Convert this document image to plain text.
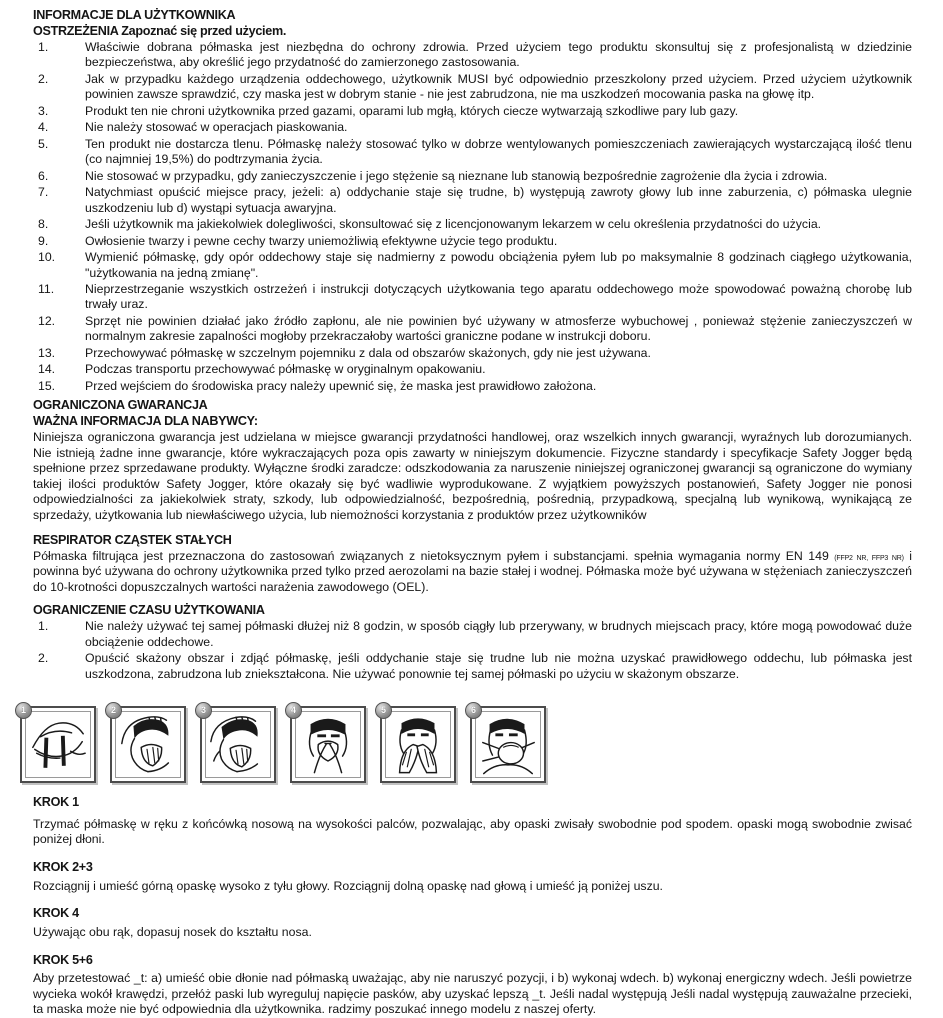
INFORMACJE DLA UŻYTKOWNIKA
OSTRZEŻENIA Zapoznać się przed użyciem.
1.	Właściwie dobrana półmaska jest niezbędna do ochrony zdrowia. Przed użyciem tego produktu skonsultuj się z profesjonalistą w dziedzinie bezpieczeństwa, aby określić jego przydatność do zamierzonego zastosowania.
2.	Jak w przypadku każdego urządzenia oddechowego, użytkownik MUSI być odpowiednio przeszkolony przed użyciem. Przed użyciem użytkownik powinien zawsze sprawdzić, czy maska jest w dobrym stanie - nie jest zabrudzona, nie ma uszkodzeń mocowania paska na głowę itp.
3.	Produkt ten nie chroni użytkownika przed gazami, oparami lub mgłą, których ciecze wytwarzają szkodliwe pary lub gazy.
4.	Nie należy stosować w operacjach piaskowania.
5.	Ten produkt nie dostarcza tlenu. Półmaskę należy stosować tylko w dobrze wentylowanych pomieszczeniach zawierających wystarczającą ilość tlenu (co najmniej 19,5%) do podtrzymania życia.
6.	Nie stosować w przypadku, gdy zanieczyszczenie i jego stężenie są nieznane lub stanowią bezpośrednie zagrożenie dla życia i zdrowia.
7.	Natychmiast opuścić miejsce pracy, jeżeli: a) oddychanie staje się trudne, b) występują zawroty głowy lub inne zaburzenia, c) półmaska ulegnie uszkodzeniu lub d) wystąpi sytuacja awaryjna.
8.	Jeśli użytkownik ma jakiekolwiek dolegliwości, skonsultować się z licencjonowanym lekarzem w celu określenia przydatności do użycia.
9.	Owłosienie twarzy i pewne cechy twarzy uniemożliwią efektywne użycie tego produktu.
10.	Wymienić półmaskę, gdy opór oddechowy staje się nadmierny z powodu obciążenia pyłem lub po maksymalnie 8 godzinach ciągłego użytkowania, "użytkowania na jedną zmianę".
11.	Nieprzestrzeganie wszystkich ostrzeżeń i instrukcji dotyczących użytkowania tego aparatu oddechowego może spowodować poważną chorobę lub trwały uraz.
12.	Sprzęt nie powinien działać jako źródło zapłonu, ale nie powinien być używany w atmosferze wybuchowej , ponieważ stężenie zanieczyszczeń w normalnym zakresie zapalności mogłoby przekraczałoby wartości graniczne podane w instrukcji doboru.
13.	Przechowywać półmaskę w szczelnym pojemniku z dala od obszarów skażonych, gdy nie jest używana.
14.	Podczas transportu przechowywać półmaskę w oryginalnym opakowaniu.
15.	Przed wejściem do środowiska pracy należy upewnić się, że maska jest prawidłowo założona.
OGRANICZONA GWARANCJA
WAŻNA INFORMACJA DLA NABYWCY:
Niniejsza ograniczona gwarancja jest udzielana w miejsce gwarancji przydatności handlowej, oraz wszelkich innych gwarancji, wyraźnych lub dorozumianych. Nie istnieją żadne inne gwarancje, które wykraczających poza opis zawarty w niniejszym dokumencie. Fizyczne standardy i specyfikacje Safety Jogger będą spełnione przez sprzedawane produkty. Wyłączne środki zaradcze: odszkodowania za naruszenie niniejszej ograniczonej gwarancji są ograniczone do wymiany takiej ilości produktów Safety Jogger, które okazały się być wadliwie wyprodukowane. Z wyjątkiem powyższych postanowień, Safety Jogger nie ponosi odpowiedzialności za jakiekolwiek straty, szkody, lub odpowiedzialność, bezpośrednią, pośrednią, przypadkową, specjalną lub wynikową, wynikającą ze sprzedaży, użytkowania lub niewłaściwego użycia, lub niemożności korzystania z produktów przez użytkowników
RESPIRATOR CZĄSTEK STAŁYCH
Półmaska filtrująca jest przeznaczona do zastosowań związanych z nietoksycznym pyłem i substancjami. spełnia wymagania normy EN 149 (FFP2 NR, FFP3 NR) i powinna być używana do ochrony użytkownika przed tylko przed aerozolami na bazie stałej i wodnej. Półmaska może być używana w stężeniach zanieczyszczeń do 10-krotności dopuszczalnych wartości narażenia zawodowego (OEL).
OGRANICZENIE CZASU UŻYTKOWANIA
1.	Nie należy używać tej samej półmaski dłużej niż 8 godzin, w sposób ciągły lub przerywany, w brudnych miejscach pracy, które mogą powodować duże obciążenie oddechowe.
2.	Opuścić skażony obszar i zdjąć półmaskę, jeśli oddychanie staje się trudne lub nie można uzyskać prawidłowego oddechu, lub półmaska jest uszkodzona, zabrudzona lub zniekształcona. Nie używać ponownie tej samej półmaski po użyciu w skażonym obszarze.
1	2	3	4	5	6
KROK 1
Trzymać półmaskę w ręku z końcówką nosową na wysokości palców, pozwalając, aby opaski zwisały swobodnie pod spodem. opaski mogą swobodnie zwisać poniżej dłoni.
KROK 2+3
Rozciągnij i umieść górną opaskę wysoko z tyłu głowy. Rozciągnij dolną opaskę nad głową i umieść ją poniżej uszu.
KROK 4
Używając obu rąk, dopasuj nosek do kształtu nosa.
KROK 5+6
Aby przetestować _t: a) umieść obie dłonie nad półmaską uważając, aby nie naruszyć pozycji, i b) wykonaj wdech. b) wykonaj energiczny wdech. Jeśli powietrze wycieka wokół krawędzi, przełóż paski lub wyreguluj napięcie pasków, aby uzyskać lepszą _t. Jeśli nadal występują Jeśli nadal występują zauważalne przecieki, ta maska może nie być odpowiednia dla użytkownika. radzimy poszukać innego modelu z naszej oferty.
